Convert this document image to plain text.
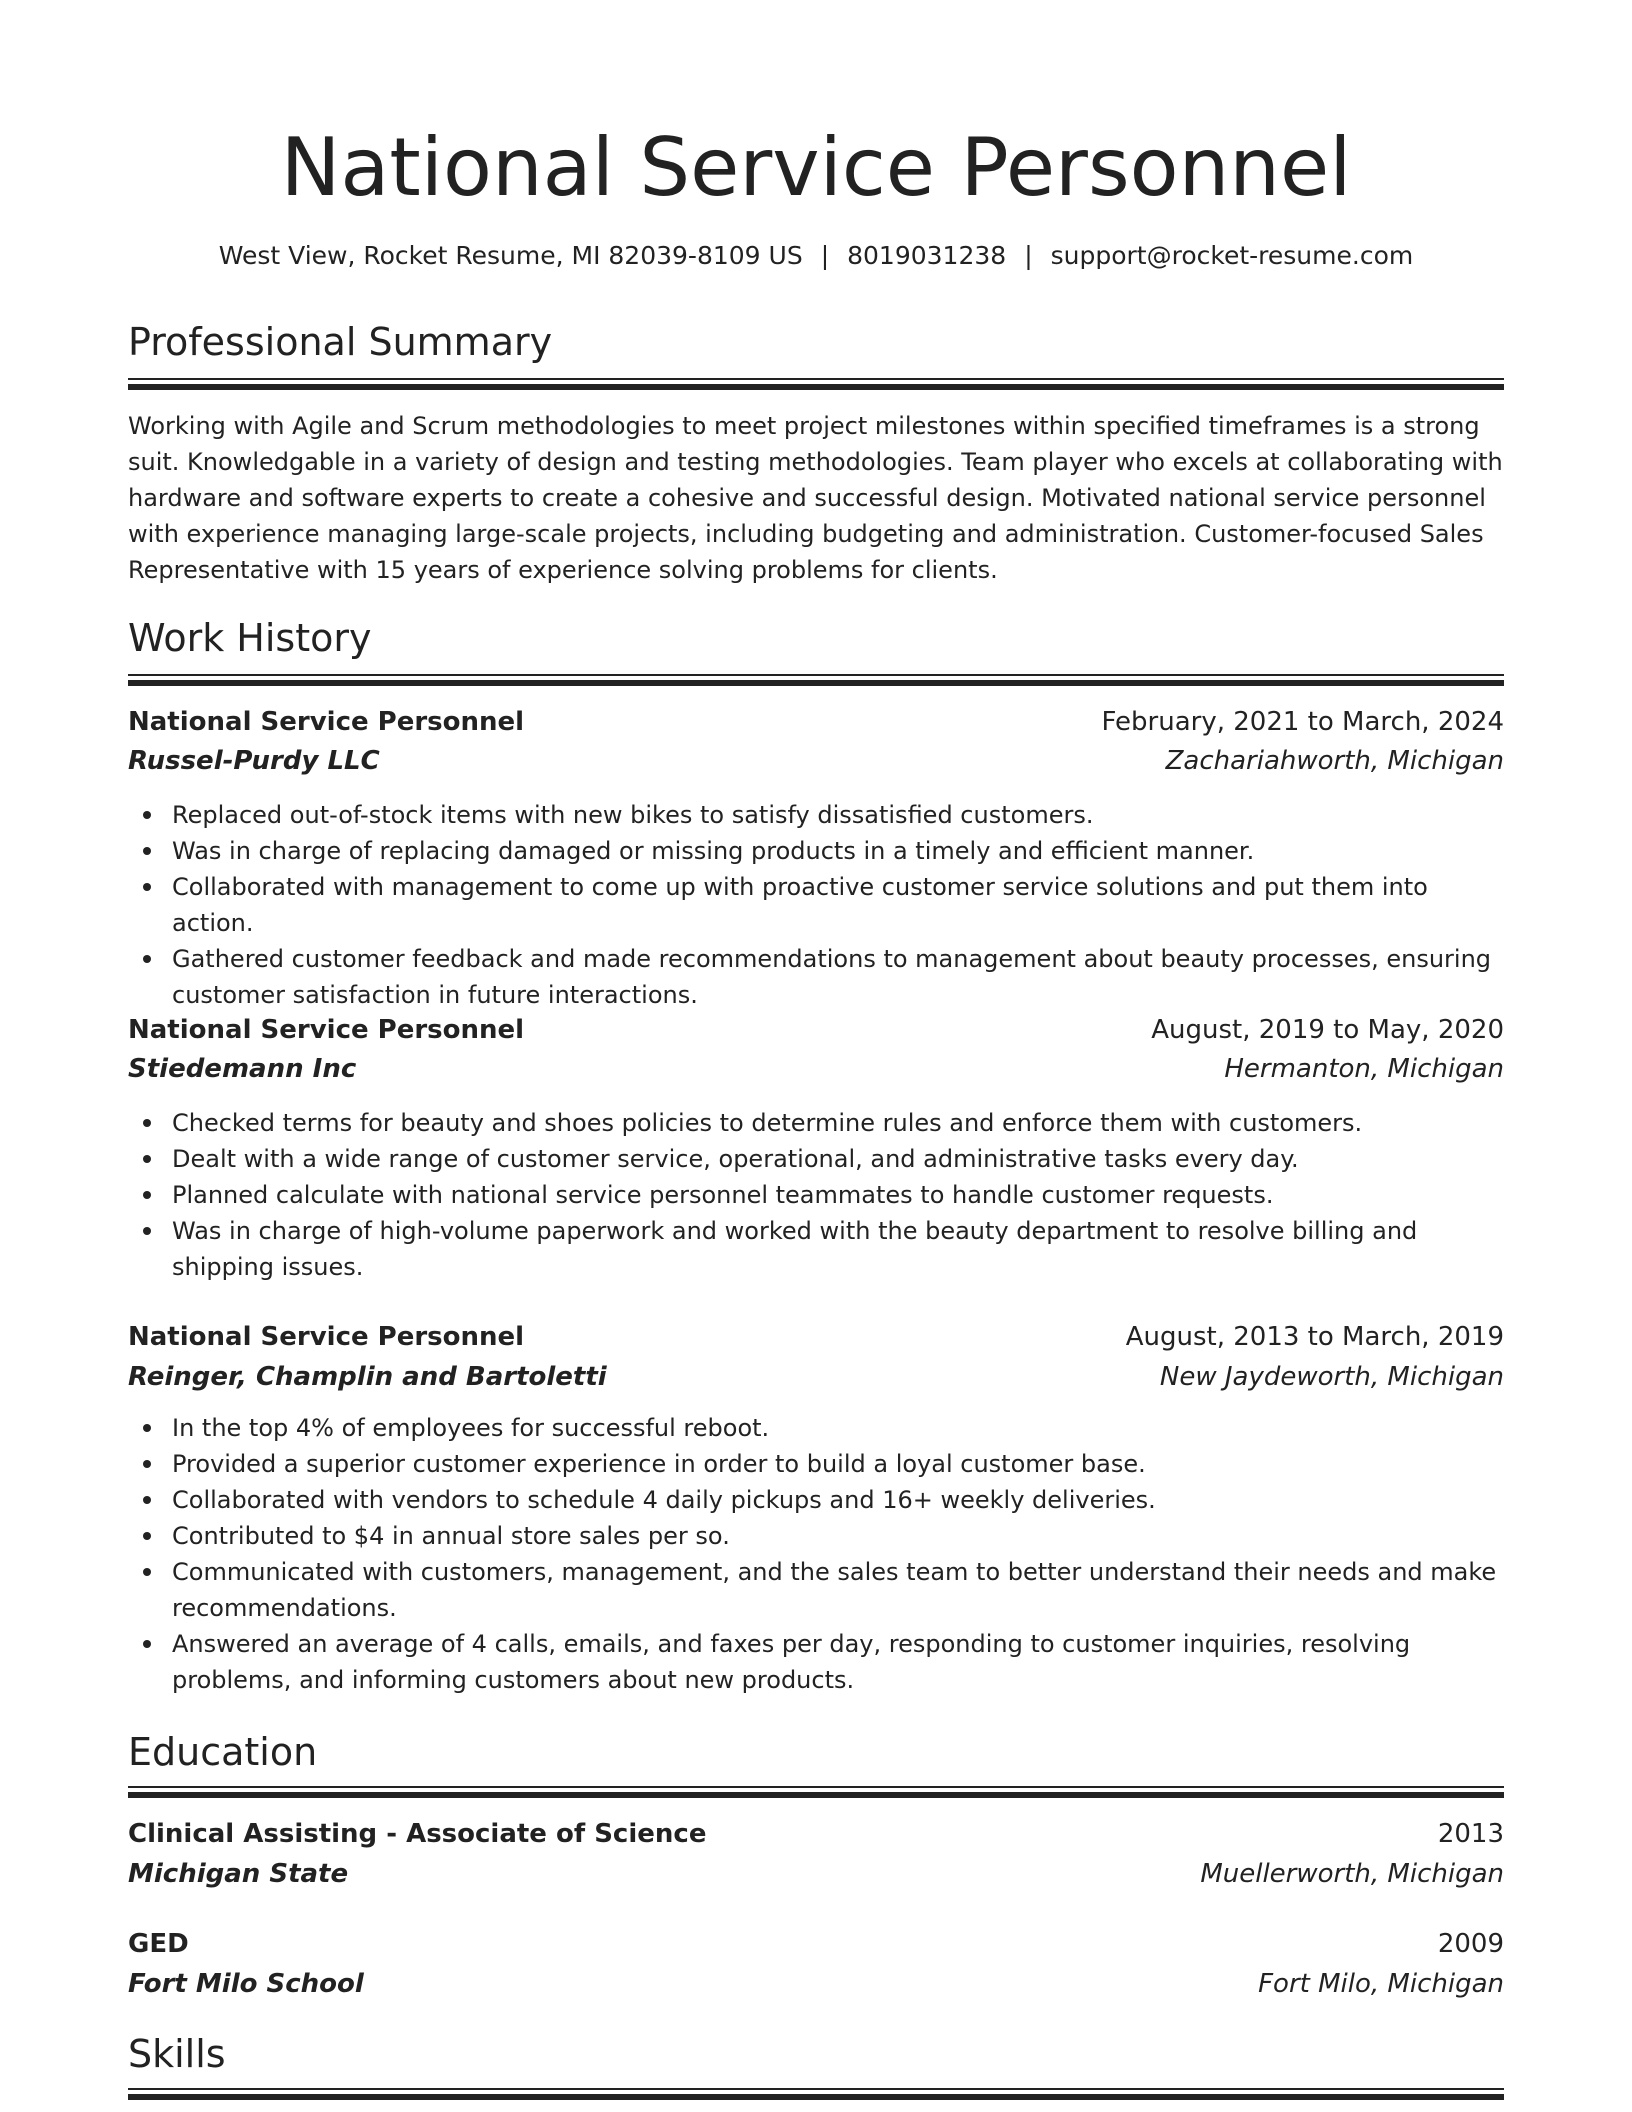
National Service Personnel
West View, Rocket Resume, MI 82039-8109 US | 8019031238 | support@rocket-resume.com
Professional Summary
Working with Agile and Scrum methodologies to meet project milestones within specified timeframes is a strong suit. Knowledgable in a variety of design and testing methodologies. Team player who excels at collaborating with hardware and software experts to create a cohesive and successful design. Motivated national service personnel with experience managing large-scale projects, including budgeting and administration. Customer-focused Sales Representative with 15 years of experience solving problems for clients.
Work History
National Service Personnel	February, 2021 to March, 2024
Russel-Purdy LLC	Zachariahworth, Michigan
Replaced out-of-stock items with new bikes to satisfy dissatisfied customers.
Was in charge of replacing damaged or missing products in a timely and efficient manner.
Collaborated with management to come up with proactive customer service solutions and put them into action.
Gathered customer feedback and made recommendations to management about beauty processes, ensuring customer satisfaction in future interactions.
National Service Personnel	August, 2019 to May, 2020
Stiedemann Inc	Hermanton, Michigan
Checked terms for beauty and shoes policies to determine rules and enforce them with customers.
Dealt with a wide range of customer service, operational, and administrative tasks every day.
Planned calculate with national service personnel teammates to handle customer requests.
Was in charge of high-volume paperwork and worked with the beauty department to resolve billing and shipping issues.
National Service Personnel	August, 2013 to March, 2019
Reinger, Champlin and Bartoletti	New Jaydeworth, Michigan
In the top 4% of employees for successful reboot.
Provided a superior customer experience in order to build a loyal customer base.
Collaborated with vendors to schedule 4 daily pickups and 16+ weekly deliveries.
Contributed to $4 in annual store sales per so.
Communicated with customers, management, and the sales team to better understand their needs and make recommendations.
Answered an average of 4 calls, emails, and faxes per day, responding to customer inquiries, resolving problems, and informing customers about new products.
Education
Clinical Assisting - Associate of Science	2013
Michigan State	Muellerworth, Michigan
GED	2009
Fort Milo School	Fort Milo, Michigan
Skills
